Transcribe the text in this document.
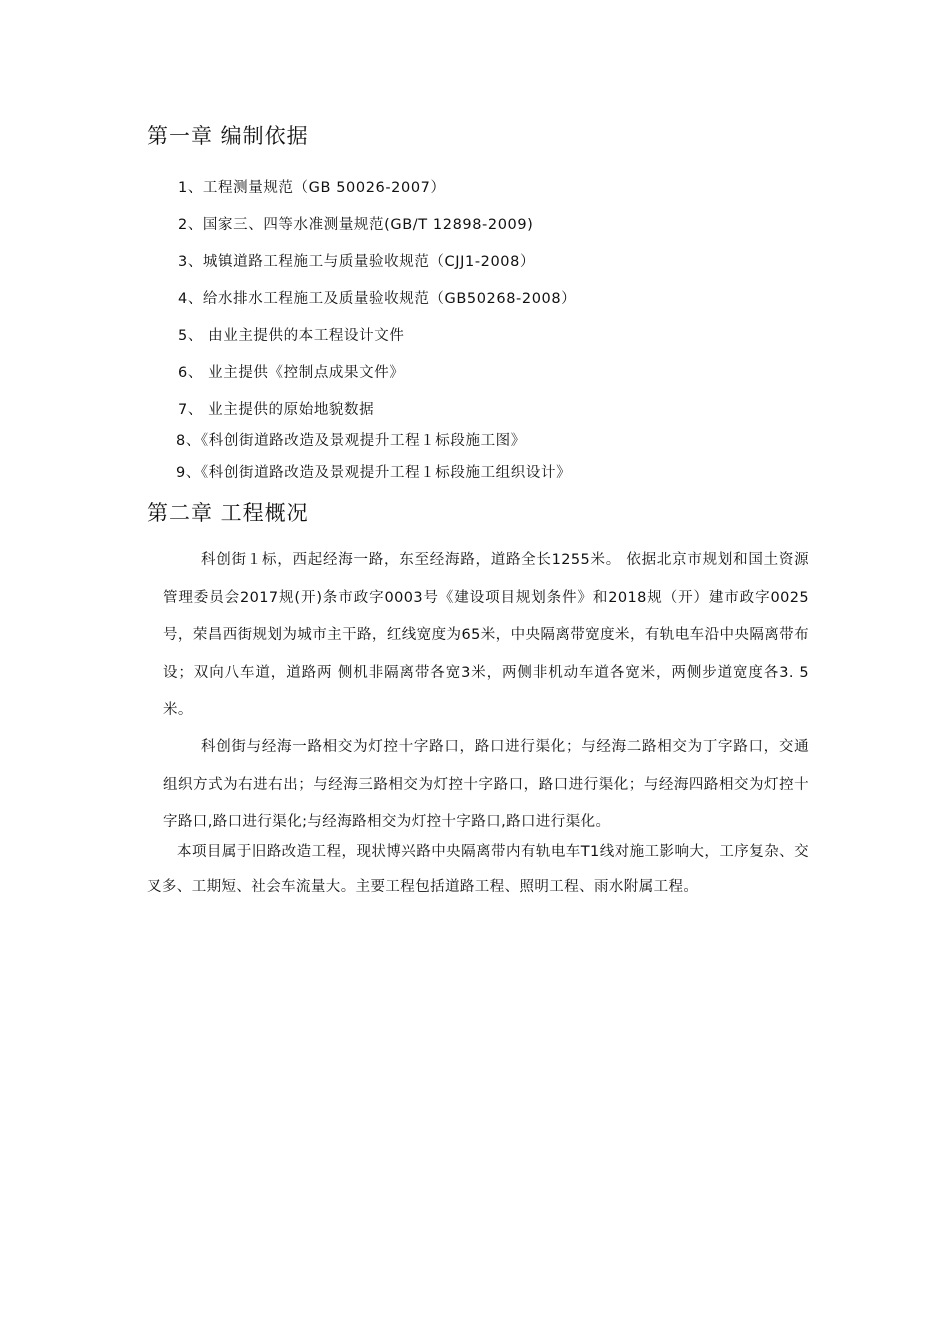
第一章 编制依据

1、工程测量规范（GB 50026-2007）

2、国家三、四等水准测量规范(GB/T 12898-2009)

3、城镇道路工程施工与质量验收规范（CJJ1-2008）

4、给水排水工程施工及质量验收规范（GB50268-2008）

5、 由业主提供的本工程设计文件

6、 业主提供《控制点成果文件》

7、 业主提供的原始地貌数据

8、《科创街道路改造及景观提升工程１标段施工图》

9、《科创街道路改造及景观提升工程１标段施工组织设计》

第二章 工程概况

科创街１标，西起经海一路，东至经海路，道路全长1255米。 依据北京市规划和国土资源管理委员会2017规(开)条市政字0003号《建设项目规划条件》和2018规（开）建市政字0025号，荣昌西街规划为城市主干路，红线宽度为65米，中央隔离带宽度米，有轨电车沿中央隔离带布设；双向八车道，道路两 侧机非隔离带各宽3米，两侧非机动车道各宽米，两侧步道宽度各3. 5米。

科创街与经海一路相交为灯控十字路口，路口进行渠化；与经海二路相交为丁字路口，交通组织方式为右进右出；与经海三路相交为灯控十字路口，路口进行渠化；与经海四路相交为灯控十字路口,路口进行渠化;与经海路相交为灯控十字路口,路口进行渠化。

本项目属于旧路改造工程，现状博兴路中央隔离带内有轨电车T1线对施工影响大，工序复杂、交叉多、工期短、社会车流量大。主要工程包括道路工程、照明工程、雨水附属工程。
